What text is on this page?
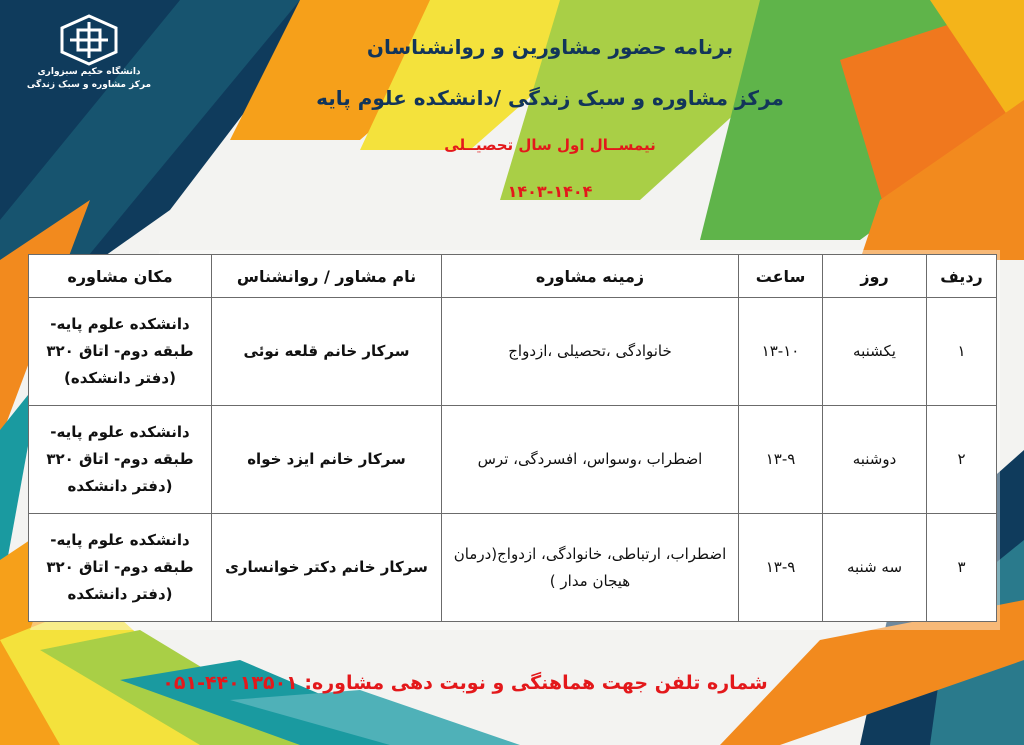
دانشگاه حکیم سبزواری
مرکز مشاوره و سبک زندگی
برنامه حضور مشاورین و روانشناسان
مرکز مشاوره و سبک زندگی /دانشکده علوم پایه
نیمســال اول سال تحصیــلی
۱۴۰۳-۱۴۰۴
ردیف	روز	ساعت	زمینه مشاوره	نام مشاور / روانشناس	مکان مشاوره
۱	یکشنبه	۱۳-۱۰	خانوادگی ،تحصیلی ،ازدواج	سرکار خانم قلعه نوئی	دانشکده علوم پایه- طبقه دوم- اتاق ۳۲۰ (دفتر دانشکده)
۲	دوشنبه	۱۳-۹	اضطراب ،وسواس، افسردگی، ترس	سرکار خانم ایزد خواه	دانشکده علوم پایه- طبقه دوم- اتاق ۳۲۰ (دفتر دانشکده
۳	سه شنبه	۱۳-۹	اضطراب، ارتباطی، خانوادگی، ازدواج(درمان هیجان مدار )	سرکار خانم دکتر خوانساری	دانشکده علوم پایه- طبقه دوم- اتاق ۳۲۰ (دفتر دانشکده
شماره تلفن جهت هماهنگی و نوبت دهی مشاوره: ۴۴۰۱۳۵۰۱-۰۵۱
